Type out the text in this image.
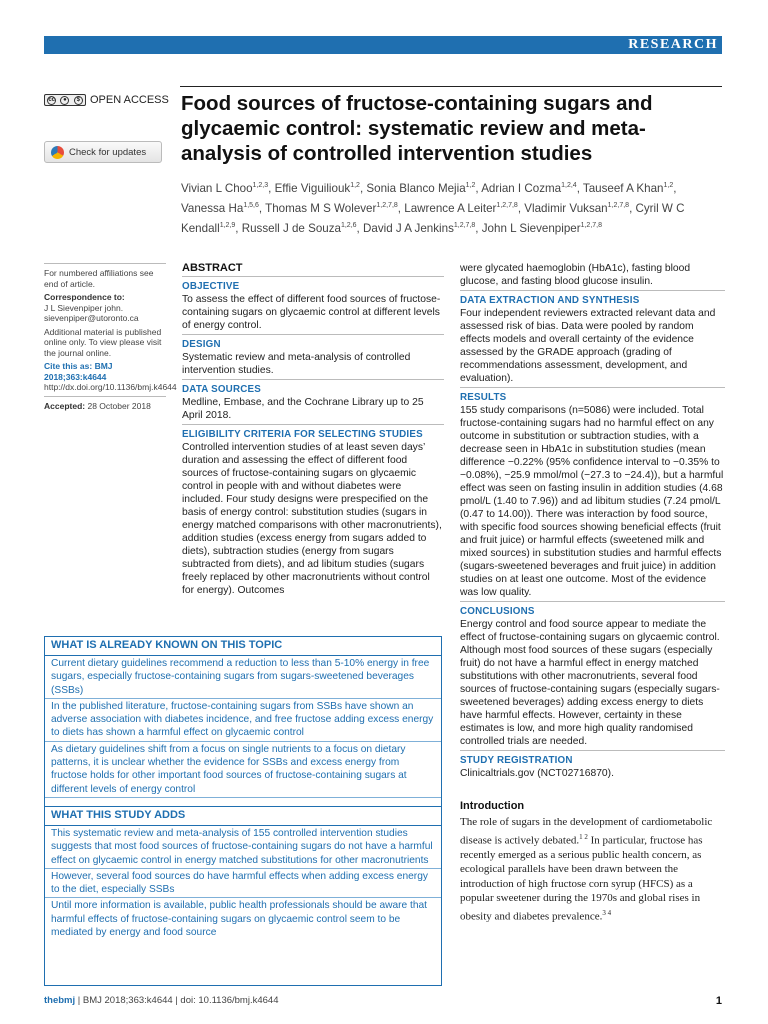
RESEARCH
cc	●	$ OPEN ACCESS
Check for updates
Food sources of fructose-containing sugars and glycaemic control: systematic review and meta-analysis of controlled intervention studies
Vivian L Choo$^{1,2,3}$, Effie Viguiliouk$^{1,2}$, Sonia Blanco Mejia$^{1,2}$, Adrian I Cozma$^{1,2,4}$, Tauseef A Khan$^{1,2}$, Vanessa Ha$^{1,5,6}$, Thomas M S Wolever$^{1,2,7,8}$, Lawrence A Leiter$^{1,2,7,8}$, Vladimir Vuksan$^{1,2,7,8}$, Cyril W C Kendall$^{1,2,9}$, Russell J de Souza$^{1,2,6}$, David J A Jenkins$^{1,2,7,8}$, John L Sievenpiper$^{1,2,7,8}$

For numbered affiliations see end of article.

Correspondence to:
J L Sievenpiper john. sievenpiper@utoronto.ca

Additional material is published online only. To view please visit the journal online.

Cite this as: BMJ 2018;363:k4644
http://dx.doi.org/10.1136/bmj.k4644

Accepted: 28 October 2018

ABSTRACT
OBJECTIVE
To assess the effect of different food sources of fructose-containing sugars on glycaemic control at different levels of energy control.
DESIGN
Systematic review and meta-analysis of controlled intervention studies.
DATA SOURCES
Medline, Embase, and the Cochrane Library up to 25 April 2018.
ELIGIBILITY CRITERIA FOR SELECTING STUDIES
Controlled intervention studies of at least seven days’ duration and assessing the effect of different food sources of fructose-containing sugars on glycaemic control in people with and without diabetes were included. Four study designs were prespecified on the basis of energy control: substitution studies (sugars in energy matched comparisons with other macronutrients), addition studies (excess energy from sugars added to diets), subtraction studies (energy from sugars subtracted from diets), and ad libitum studies (sugars freely replaced by other macronutrients without control for energy). Outcomes
were glycated haemoglobin (HbA1c), fasting blood glucose, and fasting blood glucose insulin.
DATA EXTRACTION AND SYNTHESIS
Four independent reviewers extracted relevant data and assessed risk of bias. Data were pooled by random effects models and overall certainty of the evidence assessed by the GRADE approach (grading of recommendations assessment, development, and evaluation).
RESULTS
155 study comparisons (n=5086) were included. Total fructose-containing sugars had no harmful effect on any outcome in substitution or subtraction studies, with a decrease seen in HbA1c in substitution studies (mean difference −0.22% (95% confidence interval to −0.35% to −0.08%), −25.9 mmol/mol (−27.3 to −24.4)), but a harmful effect was seen on fasting insulin in addition studies (4.68 pmol/L (1.40 to 7.96)) and ad libitum studies (7.24 pmol/L (0.47 to 14.00)). There was interaction by food source, with specific food sources showing beneficial effects (fruit and fruit juice) or harmful effects (sweetened milk and mixed sources) in substitution studies and harmful effects (sugars-sweetened beverages and fruit juice) in addition studies on at least one outcome. Most of the evidence was low quality.
CONCLUSIONS
Energy control and food source appear to mediate the effect of fructose-containing sugars on glycaemic control. Although most food sources of these sugars (especially fruit) do not have a harmful effect in energy matched substitutions with other macronutrients, several food sources of fructose-containing sugars (especially sugars-sweetened beverages) adding excess energy to diets have harmful effects. However, certainty in these estimates is low, and more high quality randomised controlled trials are needed.
STUDY REGISTRATION
Clinicaltrials.gov (NCT02716870).
Introduction
The role of sugars in the development of cardiometabolic disease is actively debated.$^{1 2}$ In particular, fructose has recently emerged as a serious public health concern, as ecological parallels have been drawn between the introduction of high fructose corn syrup (HFCS) as a popular sweetener during the 1970s and global rises in obesity and diabetes prevalence.$^{3 4}$
WHAT IS ALREADY KNOWN ON THIS TOPIC
Current dietary guidelines recommend a reduction to less than 5-10% energy in free sugars, especially fructose-containing sugars from sugars-sweetened beverages (SSBs)
In the published literature, fructose-containing sugars from SSBs have shown an adverse association with diabetes incidence, and free fructose adding excess energy to diets has shown a harmful effect on glycaemic control
As dietary guidelines shift from a focus on single nutrients to a focus on dietary patterns, it is unclear whether the evidence for SSBs and excess energy from fructose holds for other important food sources of fructose-containing sugars at different levels of energy control
WHAT THIS STUDY ADDS
This systematic review and meta-analysis of 155 controlled intervention studies suggests that most food sources of fructose-containing sugars do not have a harmful effect on glycaemic control in energy matched substitutions for other macronutrients
However, several food sources do have harmful effects when adding excess energy to the diet, especially SSBs
Until more information is available, public health professionals should be aware that harmful effects of fructose-containing sugars on glycaemic control seem to be mediated by energy and food source
thebmj | BMJ 2018;363:k4644 | doi: 10.1136/bmj.k4644	1
